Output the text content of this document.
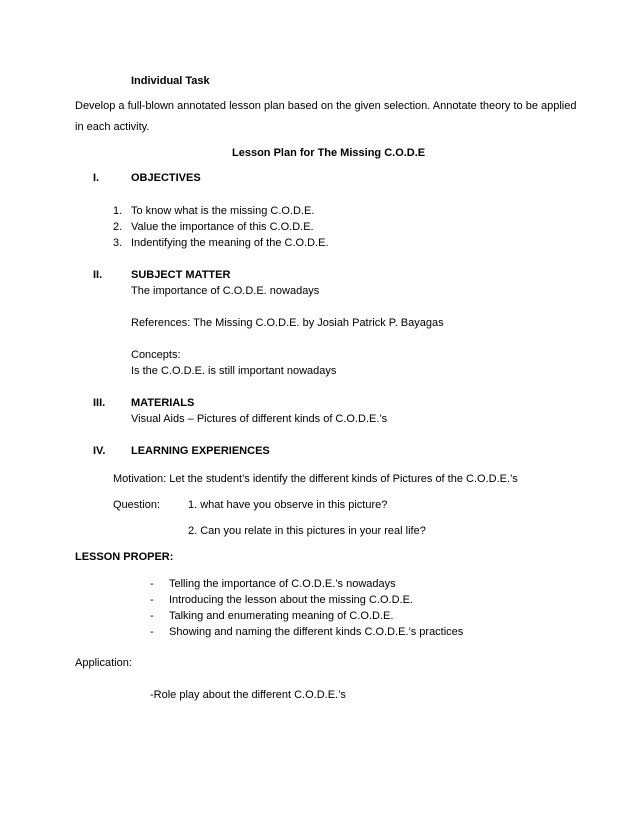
Individual Task
Develop a full-blown annotated lesson plan based on the given selection. Annotate theory to be applied
in each activity.
Lesson Plan for The Missing C.O.D.E
I.	OBJECTIVES
1. To know what is the missing C.O.D.E.
2. Value the importance of this C.O.D.E.
3. Indentifying the meaning of the C.O.D.E.
II.	SUBJECT MATTER
The importance of C.O.D.E. nowadays
References: The Missing C.O.D.E. by Josiah Patrick P. Bayagas
Concepts:
Is the C.O.D.E. is still important nowadays
III. MATERIALS
Visual Aids – Pictures of different kinds of C.O.D.E.’s
IV. LEARNING EXPERIENCES
Motivation: Let the student’s identify the different kinds of Pictures of the C.O.D.E.’s
Question:	1. what have you observe in this picture?
2. Can you relate in this pictures in your real life?
LESSON PROPER:
- Telling the importance of C.O.D.E.’s nowadays
- Introducing the lesson about the missing C.O.D.E.
- Talking and enumerating meaning of C.O.D.E.
- Showing and naming the different kinds C.O.D.E.’s practices
Application:
-Role play about the different C.O.D.E.’s
